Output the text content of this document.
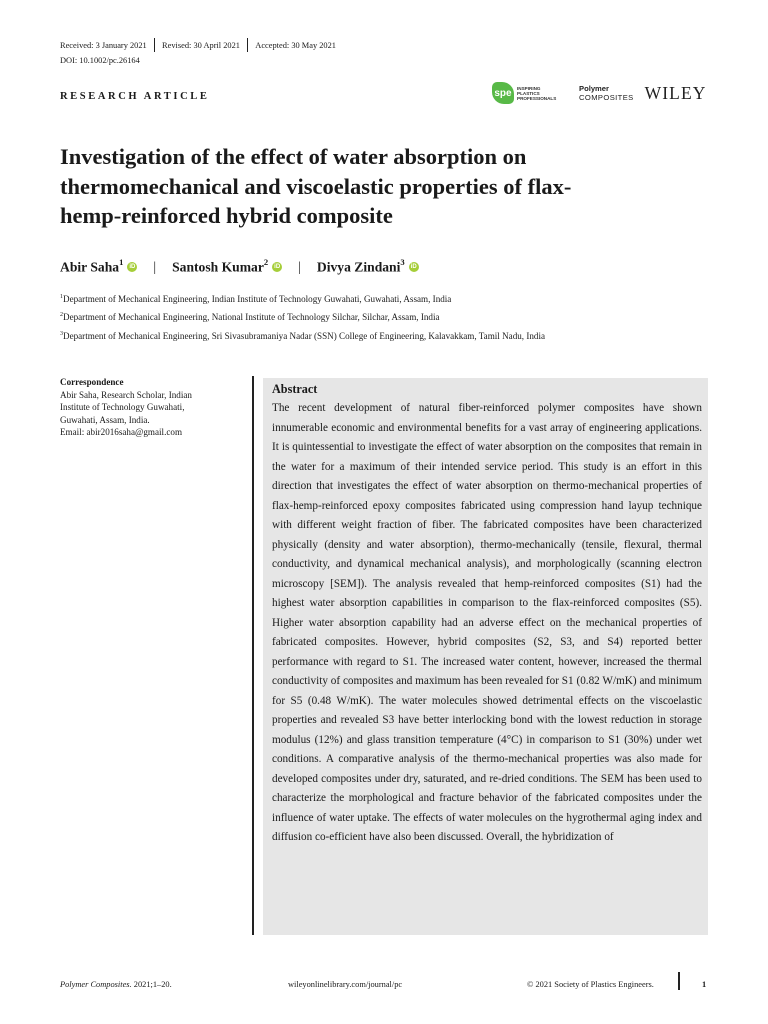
Received: 3 January 2021 Revised: 30 April 2021 Accepted: 30 May 2021
DOI: 10.1002/pc.26164
RESEARCH ARTICLE	spe	INSPIRING
PLASTICS
PROFESSIONALS
Polymer
COMPOSITES WILEY
Investigation of the effect of water absorption on thermomechanical and viscoelastic properties of flax-hemp-reinforced hybrid composite
Abir Saha$^1$	iD | Santosh Kumar$^2$	iD | Divya Zindani$^3$	iD
$^1$Department of Mechanical Engineering, Indian Institute of Technology Guwahati, Guwahati, Assam, India
$^2$Department of Mechanical Engineering, National Institute of Technology Silchar, Silchar, Assam, India
$^3$Department of Mechanical Engineering, Sri Sivasubramaniya Nadar (SSN) College of Engineering, Kalavakkam, Tamil Nadu, India
Correspondence
Abir Saha, Research Scholar, Indian
Institute of Technology Guwahati,
Guwahati, Assam, India.
Email: abir2016saha@gmail.com
Abstract

The recent development of natural fiber-reinforced polymer composites have shown innumerable economic and environmental benefits for a vast array of engineering applications. It is quintessential to investigate the effect of water absorption on the composites that remain in the water for a maximum of their intended service period. This study is an effort in this direction that investigates the effect of water absorption on thermo-mechanical properties of flax-hemp-reinforced epoxy composites fabricated using compression hand layup technique with different weight fraction of fiber. The fabricated composites have been characterized physically (density and water absorption), thermo-mechanically (tensile, flexural, thermal conductivity, and dynamical mechanical analysis), and morphologically (scanning electron microscopy [SEM]). The analysis revealed that hemp-reinforced composites (S1) had the highest water absorption capabilities in comparison to the flax-reinforced composites (S5). Higher water absorption capability had an adverse effect on the mechanical properties of fabricated composites. However, hybrid composites (S2, S3, and S4) reported better performance with regard to S1. The increased water content, however, increased the thermal conductivity of composites and maximum has been revealed for S1 (0.82 W/mK) and minimum for S5 (0.48 W/mK). The water molecules showed detrimental effects on the viscoelastic properties and revealed S3 have better interlocking bond with the lowest reduction in storage modulus (12%) and glass transition temperature (4°C) in comparison to S1 (30%) under wet conditions. A comparative analysis of the thermo-mechanical properties was also made for developed composites under dry, saturated, and re-dried conditions. The SEM has been used to characterize the morphological and fracture behavior of the fabricated composites under the influence of water uptake. The effects of water molecules on the hygrothermal aging index and diffusion co-efficient have also been discussed. Overall, the hybridization of

Polymer Composites. 2021;1–20.	wileyonlinelibrary.com/journal/pc	© 2021 Society of Plastics Engineers.	1
